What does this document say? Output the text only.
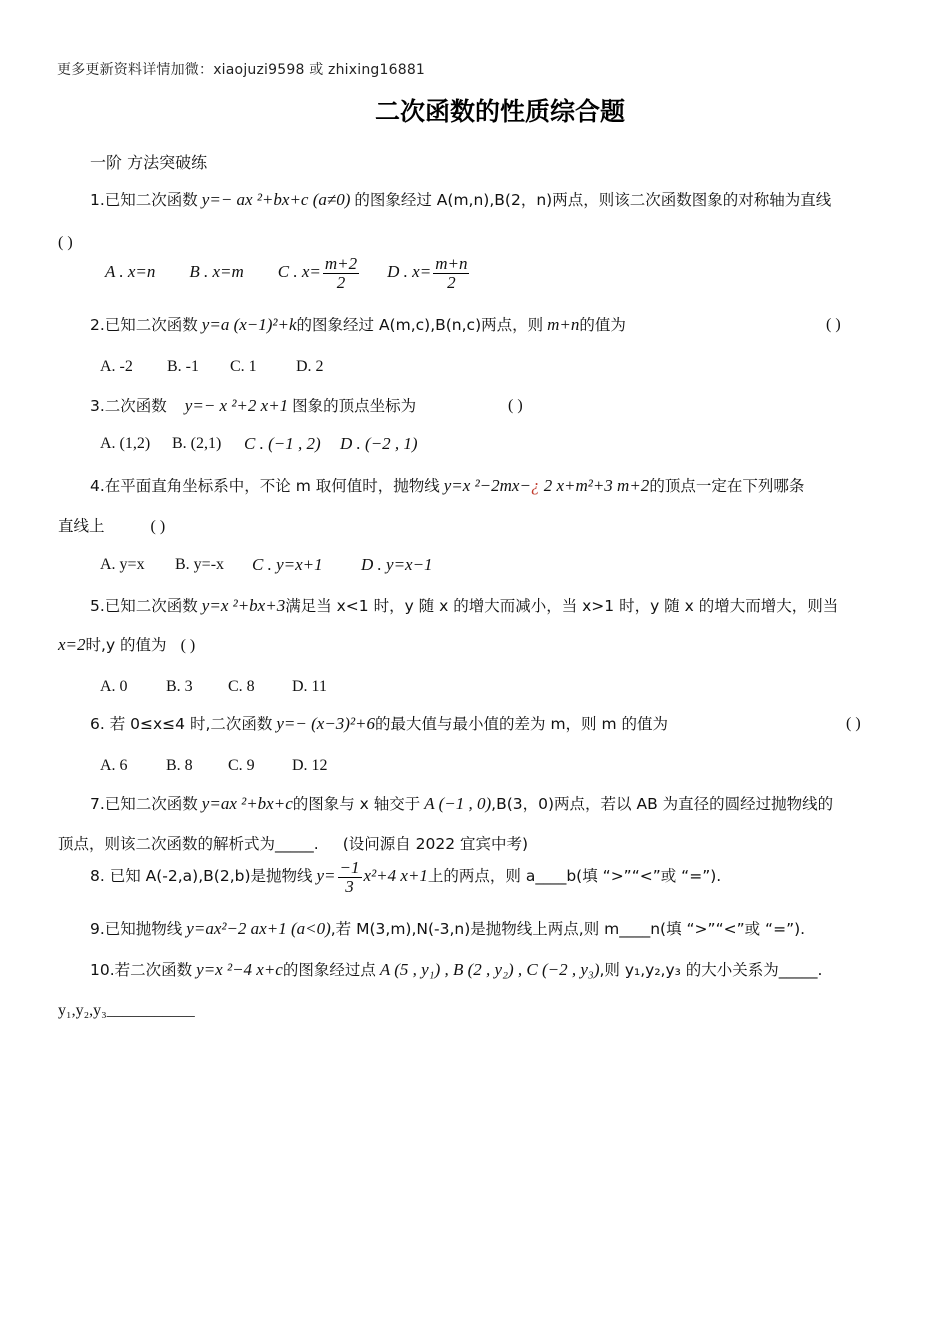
更多更新资料详情加微：xiaojuzi9598 或 zhixing16881
二次函数的性质综合题
一阶 方法突破练
1.已知二次函数 y=− ax ²+bx+c (a≠0) 的图象经过 A(m,n),B(2，n)两点，则该二次函数图象的对称轴为直线
( )
A . x=n B . x=m C . $x= \frac{m+2}{2}$ D . $x= \frac{m+n}{2}$
2.已知二次函数 y=a (x−1)²+k的图象经过 A(m,c),B(n,c)两点，则 m+n的值为	( )
A. -2 B. -1 C. 1 D. 2
3.二次函数 y=− x ²+2 x+1 图象的顶点坐标为	( )
A. (1,2) B. (2,1) C . (−1 , 2) D . (−2 , 1)
4.在平面直角坐标系中，不论 m 取何值时，抛物线 y=x ²−2mx−¿ 2 x+m²+3 m+2的顶点一定在下列哪条
直线上	( )
A. y=x B. y=-x C . y=x+1 D . y=x−1
5.已知二次函数 y=x ²+bx+3满足当 x<1 时，y 随 x 的增大而减小，当 x>1 时，y 随 x 的增大而增大，则当
x=2时,y 的值为 ( )
A. 0 B. 3 C. 8 D. 11
6. 若 0≤x≤4 时,二次函数 y=− (x−3)²+6的最大值与最小值的差为 m，则 m 的值为	( )
A. 6 B. 8 C. 9 D. 12
7.已知二次函数 y=ax ²+bx+c的图象与 x 轴交于 A (−1 , 0),B(3，0)两点，若以 AB 为直径的圆经过抛物线的
顶点，则该二次函数的解析式为_____. (设问源自 2022 宜宾中考)
8. 已知 A(-2,a),B(2,b)是抛物线 $y= \frac{-1}{3} x^2+4$ x+1上的两点，则 a____b(填 “>”“<”或 “=”).
9.已知抛物线 y=ax²−2 ax+1 (a<0),若 M(3,m),N(-3,n)是抛物线上两点,则 m____n(填 “>”“<”或 “=”).
10.若二次函数 y=x ²−4 x+c的图象经过点 A (5 , y₁) , B (2 , y₂) , C (−2 , y₃),则 y₁,y₂,y₃ 的大小关系为_____.
y₁,y₂,y₃___________
